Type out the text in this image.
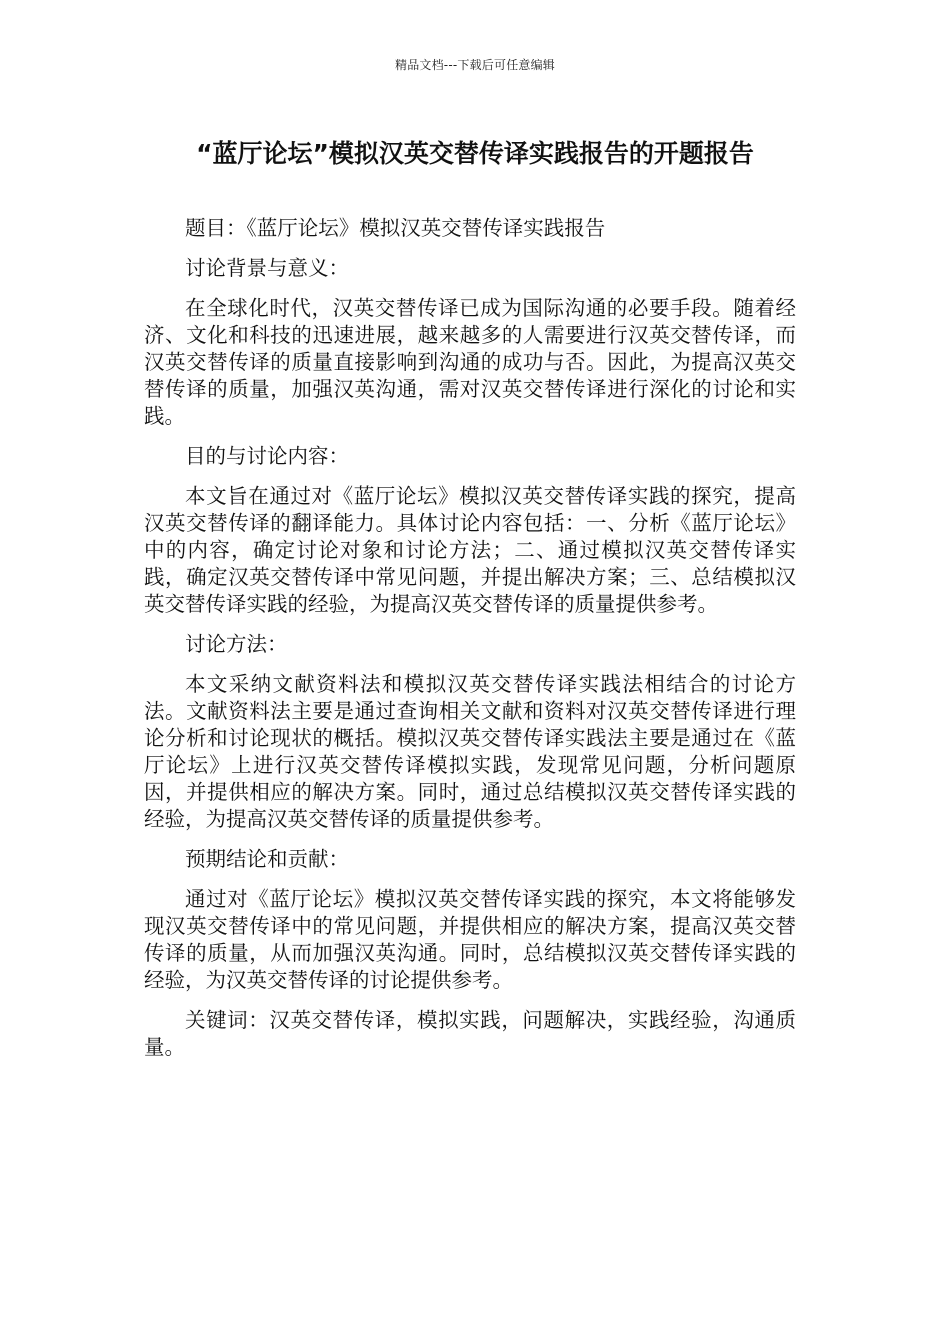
精品文档---下载后可任意编辑
“蓝厅论坛”模拟汉英交替传译实践报告的开题报告

题目：《蓝厅论坛》模拟汉英交替传译实践报告

讨论背景与意义：

在全球化时代，汉英交替传译已成为国际沟通的必要手段。随着经济、文化和科技的迅速进展，越来越多的人需要进行汉英交替传译，而汉英交替传译的质量直接影响到沟通的成功与否。因此，为提高汉英交替传译的质量，加强汉英沟通，需对汉英交替传译进行深化的讨论和实践。

目的与讨论内容：

本文旨在通过对《蓝厅论坛》模拟汉英交替传译实践的探究，提高汉英交替传译的翻译能力。具体讨论内容包括：一、分析《蓝厅论坛》中的内容，确定讨论对象和讨论方法；二、通过模拟汉英交替传译实践，确定汉英交替传译中常见问题，并提出解决方案；三、总结模拟汉英交替传译实践的经验，为提高汉英交替传译的质量提供参考。

讨论方法：

本文采纳文献资料法和模拟汉英交替传译实践法相结合的讨论方法。文献资料法主要是通过查询相关文献和资料对汉英交替传译进行理论分析和讨论现状的概括。模拟汉英交替传译实践法主要是通过在《蓝厅论坛》上进行汉英交替传译模拟实践，发现常见问题，分析问题原因，并提供相应的解决方案。同时，通过总结模拟汉英交替传译实践的经验，为提高汉英交替传译的质量提供参考。

预期结论和贡献：

通过对《蓝厅论坛》模拟汉英交替传译实践的探究，本文将能够发现汉英交替传译中的常见问题，并提供相应的解决方案，提高汉英交替传译的质量，从而加强汉英沟通。同时，总结模拟汉英交替传译实践的经验，为汉英交替传译的讨论提供参考。

关键词：汉英交替传译，模拟实践，问题解决，实践经验，沟通质量。
